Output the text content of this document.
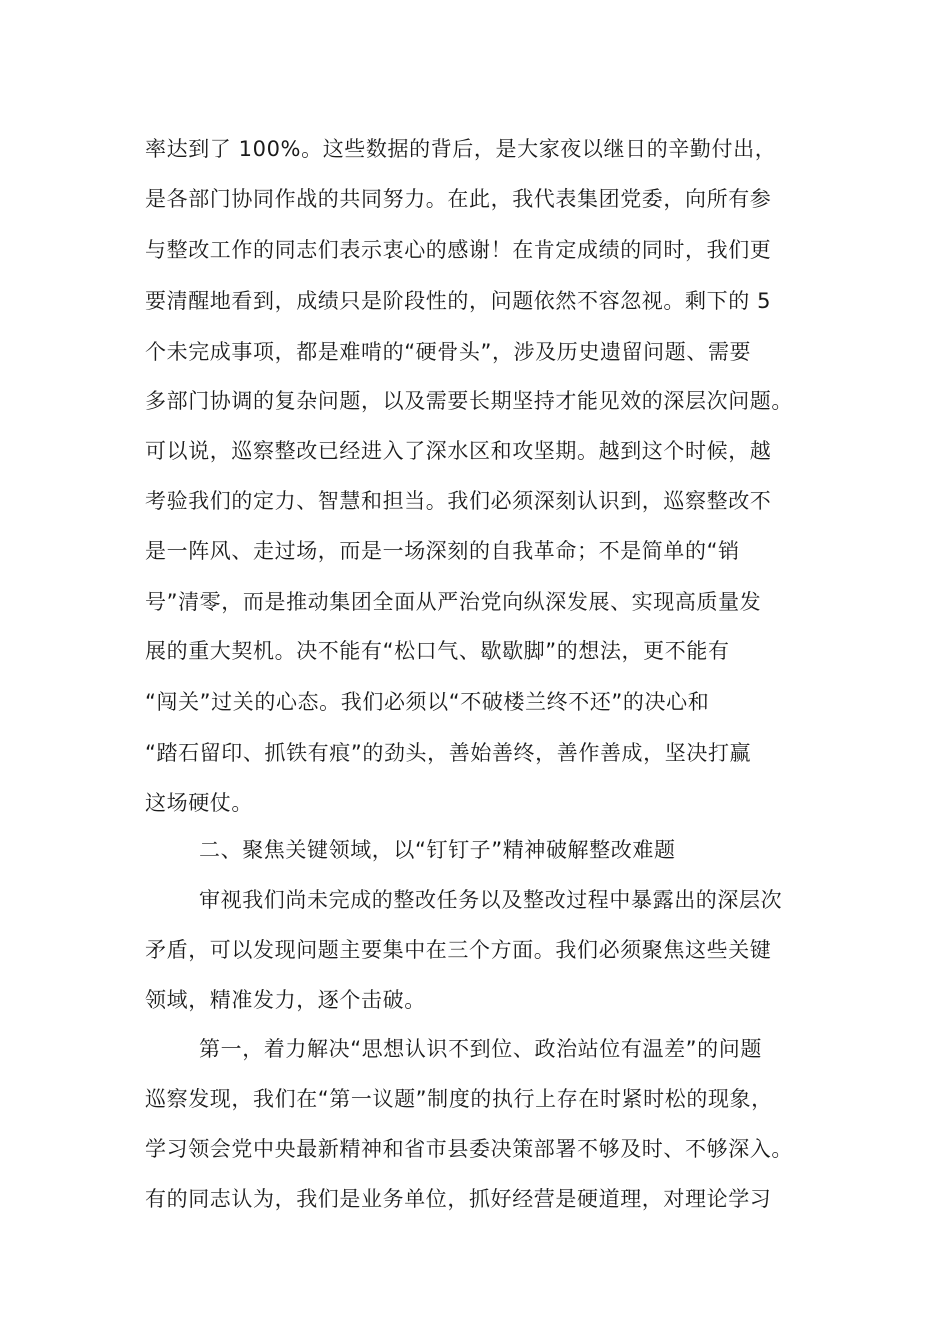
率达到了 100%。这些数据的背后，是大家夜以继日的辛勤付出，
是各部门协同作战的共同努力。在此，我代表集团党委，向所有参
与整改工作的同志们表示衷心的感谢！在肯定成绩的同时，我们更
要清醒地看到，成绩只是阶段性的，问题依然不容忽视。剩下的 5
个未完成事项，都是难啃的“硬骨头”，涉及历史遗留问题、需要
多部门协调的复杂问题，以及需要长期坚持才能见效的深层次问题。
可以说，巡察整改已经进入了深水区和攻坚期。越到这个时候，越
考验我们的定力、智慧和担当。我们必须深刻认识到，巡察整改不
是一阵风、走过场，而是一场深刻的自我革命；不是简单的“销
号”清零，而是推动集团全面从严治党向纵深发展、实现高质量发
展的重大契机。决不能有“松口气、歇歇脚”的想法，更不能有
“闯关”过关的心态。我们必须以“不破楼兰终不还”的决心和
“踏石留印、抓铁有痕”的劲头，善始善终，善作善成，坚决打赢
这场硬仗。
二、聚焦关键领域，以“钉钉子”精神破解整改难题
审视我们尚未完成的整改任务以及整改过程中暴露出的深层次
矛盾，可以发现问题主要集中在三个方面。我们必须聚焦这些关键
领域，精准发力，逐个击破。
第一，着力解决“思想认识不到位、政治站位有温差”的问题
巡察发现，我们在“第一议题”制度的执行上存在时紧时松的现象，
学习领会党中央最新精神和省市县委决策部署不够及时、不够深入。
有的同志认为，我们是业务单位，抓好经营是硬道理，对理论学习
